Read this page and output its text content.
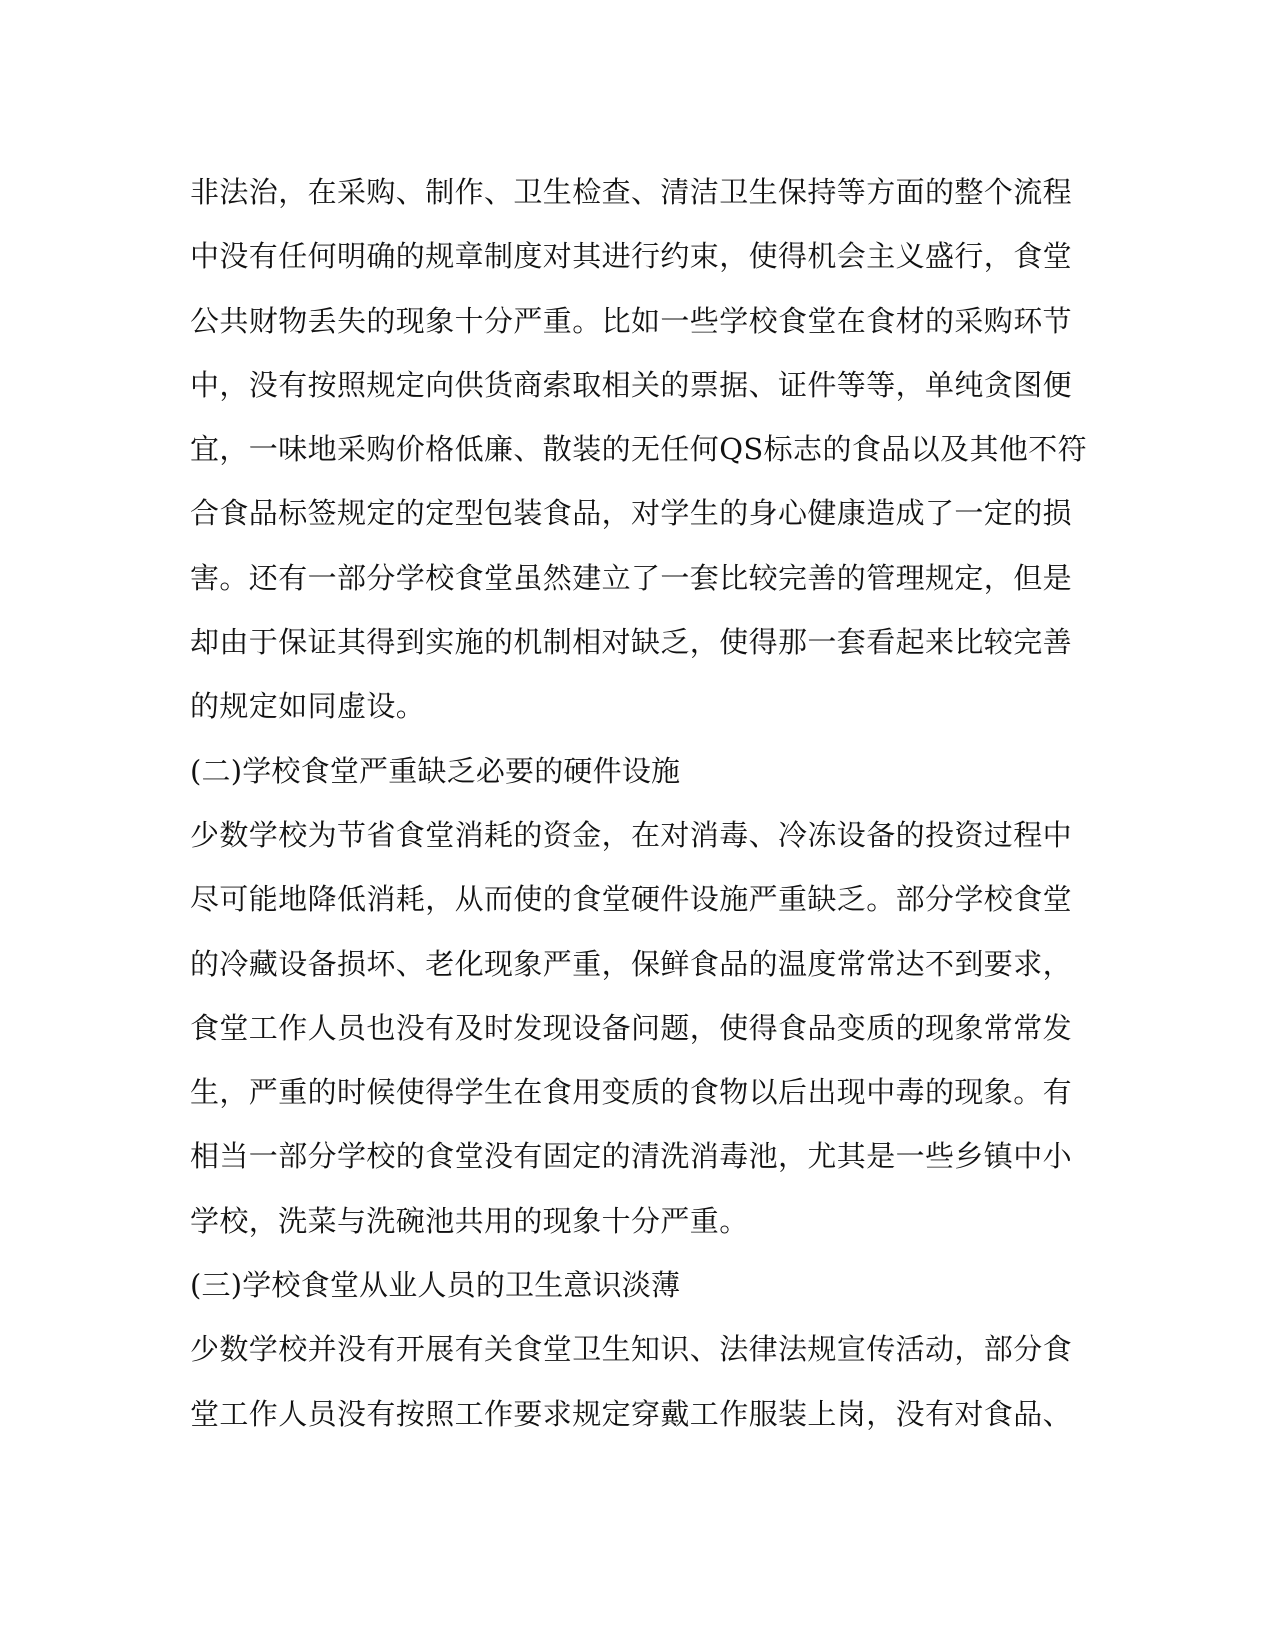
非法治，在采购、制作、卫生检查、清洁卫生保持等方面的整个流程
中没有任何明确的规章制度对其进行约束，使得机会主义盛行，食堂
公共财物丢失的现象十分严重。比如一些学校食堂在食材的采购环节
中，没有按照规定向供货商索取相关的票据、证件等等，单纯贪图便
宜，一味地采购价格低廉、散装的无任何QS标志的食品以及其他不符
合食品标签规定的定型包装食品，对学生的身心健康造成了一定的损
害。还有一部分学校食堂虽然建立了一套比较完善的管理规定，但是
却由于保证其得到实施的机制相对缺乏，使得那一套看起来比较完善
的规定如同虚设。
(二)学校食堂严重缺乏必要的硬件设施
少数学校为节省食堂消耗的资金，在对消毒、冷冻设备的投资过程中
尽可能地降低消耗，从而使的食堂硬件设施严重缺乏。部分学校食堂
的冷藏设备损坏、老化现象严重，保鲜食品的温度常常达不到要求，
食堂工作人员也没有及时发现设备问题，使得食品变质的现象常常发
生，严重的时候使得学生在食用变质的食物以后出现中毒的现象。有
相当一部分学校的食堂没有固定的清洗消毒池，尤其是一些乡镇中小
学校，洗菜与洗碗池共用的现象十分严重。
(三)学校食堂从业人员的卫生意识淡薄
少数学校并没有开展有关食堂卫生知识、法律法规宣传活动，部分食
堂工作人员没有按照工作要求规定穿戴工作服装上岗，没有对食品、
